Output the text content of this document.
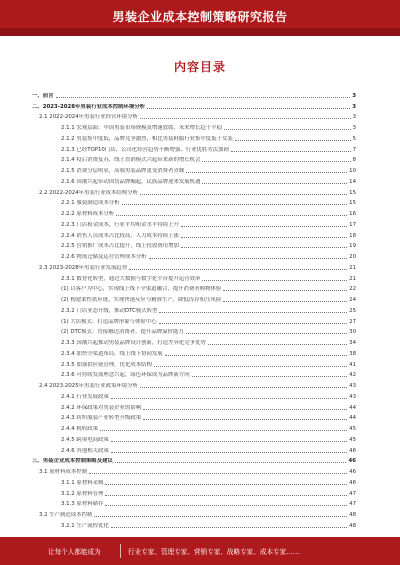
男装企业成本控制策略研究报告
内容目录
一、前言	3
二、2023-2028年男装行业成本控制环境分析	3
2.1 2022-2024年男装行业经营环境分析	3
2.1.1 宏观层面：中国男装市场规模及增速放缓，未来增长趋于平稳	3
2.1.2 男装集中度低，品牌竞争激烈，相比男装鞋服行业集中度低于女装	5
2.1.3 已经TOP10门店、公司化经营趋势不断增强、行业优胜劣汰加剧	7
2.1.4 疫后消费复苏，线上直销模式兴起带来新的增长机会	8
2.1.5 消费分层明显，高端男装品牌更受消费者青睐	10
2.1.6 国潮兴起带动国货品牌崛起，民族品牌迎来发展机遇	14
2.2 2022-2024年男装行业成本结构分析	15
2.2.1 服装制造成本分析	15
2.2.2 原材料成本分析	16
2.2.3 门店租金成本，行业平均租金水平持续上升	17
2.2.4 销售人员成本占比较高，人力成本持续上涨	18
2.2.5 营销推广成本占比提升，线上投放费用增加	19
2.2.6 物流仓储及运营管理成本分析	20
2.3 2023-2028年男装行业发展趋势	21
2.3.1 数智化转型，通过大数据与数字化平台提升运营效率	21
(1) 以客户为中心，实现线上线下全渠道融合，提升消费者购物体验	22
(2) 构建柔性供应链，实现快速反应与精准生产，降低库存积压风险	24
2.3.2 门店业态升级，推动DTC模式转型	25
(1) 大店模式：打造品牌形象与体验中心	27
(2) DTC模式：直接触达消费者，提升品牌溢价能力	30
2.3.3 国潮兴起推动男装品牌设计创新，打造差异化竞争优势	34
2.3.4 加快全渠道布局，线上线下协同发展	38
2.3.5 加强供应链管理，优化成本结构	41
2.3.6 可持续发展理念兴起，绿色环保成为品牌新方向	42
2.4 2023-2025年男装行业政策环境分析	43
2.4.1 行业发展政策	43
2.4.2 环保政策对男装企业的影响	44
2.4.3 纺织服装产业转型升级政策	44
2.4.4 税收政策	45
2.4.5 跨境电商政策	45
2.4.6 其他相关政策	46
三、男装企业成本控制策略及建议	46
3.1 原材料成本控制	46
3.1.1 原材料采购	46
3.1.2 原材料管理	47
3.1.3 原材料储存	47
3.2 生产制造成本控制	48
3.2.1 生产流程优化	48
让每个人都能成为	行业专家、管理专家、营销专家、战略专家、成本专家……
